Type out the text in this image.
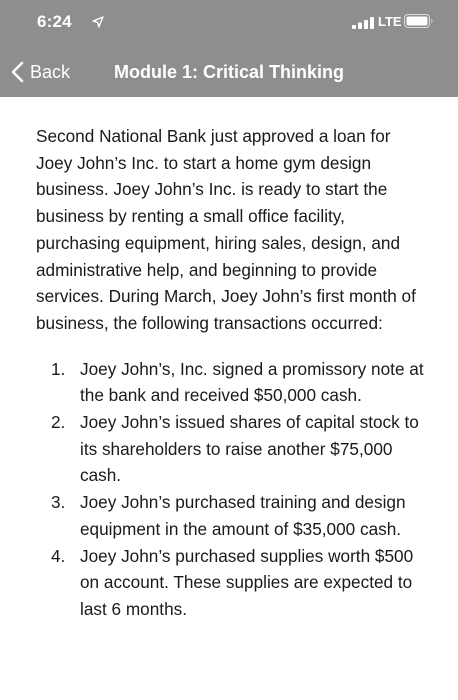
6:24	LTE
Back Module 1: Critical Thinking

Second National Bank just approved a loan for Joey John’s Inc. to start a home gym design business. Joey John’s Inc. is ready to start the business by renting a small office facility, purchasing equipment, hiring sales, design, and administrative help, and beginning to provide services. During March, Joey John’s first month of business, the following transactions occurred:

1. Joey John’s, Inc. signed a promissory note at the bank and received $50,000 cash.
2. Joey John’s issued shares of capital stock to its shareholders to raise another $75,000 cash.
3. Joey John’s purchased training and design equipment in the amount of $35,000 cash.
4. Joey John’s purchased supplies worth $500 on account. These supplies are expected to last 6 months.
